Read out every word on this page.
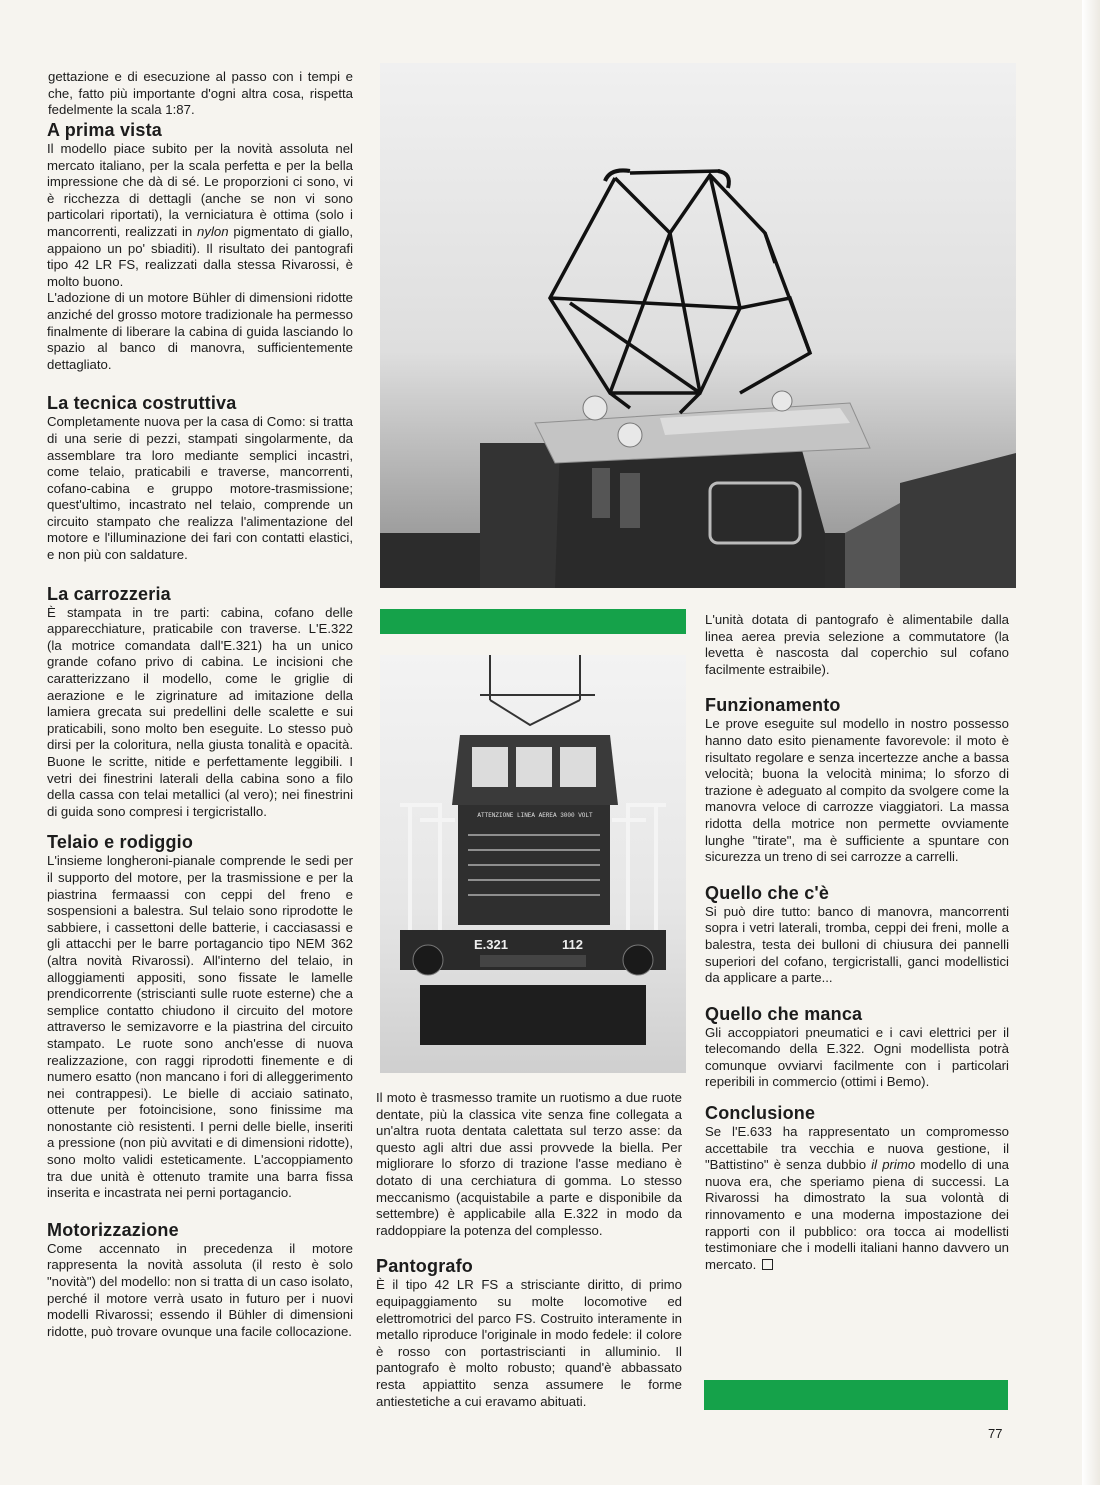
gettazione e di esecuzione al passo con i tempi e che, fatto più importante d'ogni altra cosa, rispetta fedelmente la scala 1:87.

A prima vista

Il modello piace subito per la novità assoluta nel mercato italiano, per la scala perfetta e per la bella impressione che dà di sé. Le proporzioni ci sono, vi è ricchezza di dettagli (anche se non vi sono particolari riportati), la verniciatura è ottima (solo i mancorrenti, realizzati in nylon pigmentato di giallo, appaiono un po' sbiaditi). Il risultato dei pantografi tipo 42 LR FS, realizzati dalla stessa Rivarossi, è molto buono.

L'adozione di un motore Bühler di dimensioni ridotte anziché del grosso motore tradizionale ha permesso finalmente di liberare la cabina di guida lasciando lo spazio al banco di manovra, sufficientemente dettagliato.

La tecnica costruttiva

Completamente nuova per la casa di Como: si tratta di una serie di pezzi, stampati singolarmente, da assemblare tra loro mediante semplici incastri, come telaio, praticabili e traverse, mancorrenti, cofano-cabina e gruppo motore-trasmissione; quest'ultimo, incastrato nel telaio, comprende un circuito stampato che realizza l'alimentazione del motore e l'illuminazione dei fari con contatti elastici, e non più con saldature.

La carrozzeria

È stampata in tre parti: cabina, cofano delle apparecchiature, praticabile con traverse. L'E.322 (la motrice comandata dall'E.321) ha un unico grande cofano privo di cabina. Le incisioni che caratterizzano il modello, come le griglie di aerazione e le zigrinature ad imitazione della lamiera grecata sui predellini delle scalette e sui praticabili, sono molto ben eseguite. Lo stesso può dirsi per la coloritura, nella giusta tonalità e opacità. Buone le scritte, nitide e perfettamente leggibili. I vetri dei finestrini laterali della cabina sono a filo della cassa con telai metallici (al vero); nei finestrini di guida sono compresi i tergicristallo.

Telaio e rodiggio

L'insieme longheroni-pianale comprende le sedi per il supporto del motore, per la trasmissione e per la piastrina fermaassi con ceppi del freno e sospensioni a balestra. Sul telaio sono riprodotte le sabbiere, i cassettoni delle batterie, i cacciasassi e gli attacchi per le barre portagancio tipo NEM 362 (altra novità Rivarossi). All'interno del telaio, in alloggiamenti appositi, sono fissate le lamelle prendicorrente (striscianti sulle ruote esterne) che a semplice contatto chiudono il circuito del motore attraverso le semizavorre e la piastrina del circuito stampato. Le ruote sono anch'esse di nuova realizzazione, con raggi riprodotti finemente e di numero esatto (non mancano i fori di alleggerimento nei contrappesi). Le bielle di acciaio satinato, ottenute per fotoincisione, sono finissime ma nonostante ciò resistenti. I perni delle bielle, inseriti a pressione (non più avvitati e di dimensioni ridotte), sono molto validi esteticamente. L'accoppiamento tra due unità è ottenuto tramite una barra fissa inserita e incastrata nei perni portagancio.

Motorizzazione

Come accennato in precedenza il motore rappresenta la novità assoluta (il resto è solo "novità") del modello: non si tratta di un caso isolato, perché il motore verrà usato in futuro per i nuovi modelli Rivarossi; essendo il Bühler di dimensioni ridotte, può trovare ovunque una facile collocazione.

ATTENZIONE LINEA AEREA 3000 VOLT
E.321	112

Il moto è trasmesso tramite un ruotismo a due ruote dentate, più la classica vite senza fine collegata a un'altra ruota dentata calettata sul terzo asse: da questo agli altri due assi provvede la biella. Per migliorare lo sforzo di trazione l'asse mediano è dotato di una cerchiatura di gomma. Lo stesso meccanismo (acquistabile a parte e disponibile da settembre) è applicabile alla E.322 in modo da raddoppiare la potenza del complesso.

Pantografo

È il tipo 42 LR FS a strisciante diritto, di primo equipaggiamento su molte locomotive ed elettromotrici del parco FS. Costruito interamente in metallo riproduce l'originale in modo fedele: il colore è rosso con portastriscianti in alluminio. Il pantografo è molto robusto; quand'è abbassato resta appiattito senza assumere le forme antiestetiche a cui eravamo abituati.

L'unità dotata di pantografo è alimentabile dalla linea aerea previa selezione a commutatore (la levetta è nascosta dal coperchio sul cofano facilmente estraibile).

Funzionamento

Le prove eseguite sul modello in nostro possesso hanno dato esito pienamente favorevole: il moto è risultato regolare e senza incertezze anche a bassa velocità; buona la velocità minima; lo sforzo di trazione è adeguato al compito da svolgere come la manovra veloce di carrozze viaggiatori. La massa ridotta della motrice non permette ovviamente lunghe "tirate", ma è sufficiente a spuntare con sicurezza un treno di sei carrozze a carrelli.

Quello che c'è

Si può dire tutto: banco di manovra, mancorrenti sopra i vetri laterali, tromba, ceppi dei freni, molle a balestra, testa dei bulloni di chiusura dei pannelli superiori del cofano, tergicristalli, ganci modellistici da applicare a parte...

Quello che manca

Gli accoppiatori pneumatici e i cavi elettrici per il telecomando della E.322. Ogni modellista potrà comunque ovviarvi facilmente con i particolari reperibili in commercio (ottimi i Bemo).

Conclusione

Se l'E.633 ha rappresentato un compromesso accettabile tra vecchia e nuova gestione, il "Battistino" è senza dubbio il primo modello di una nuova era, che speriamo piena di successi. La Rivarossi ha dimostrato la sua volontà di rinnovamento e una moderna impostazione dei rapporti con il pubblico: ora tocca ai modellisti testimoniare che i modelli italiani hanno davvero un mercato.

77
